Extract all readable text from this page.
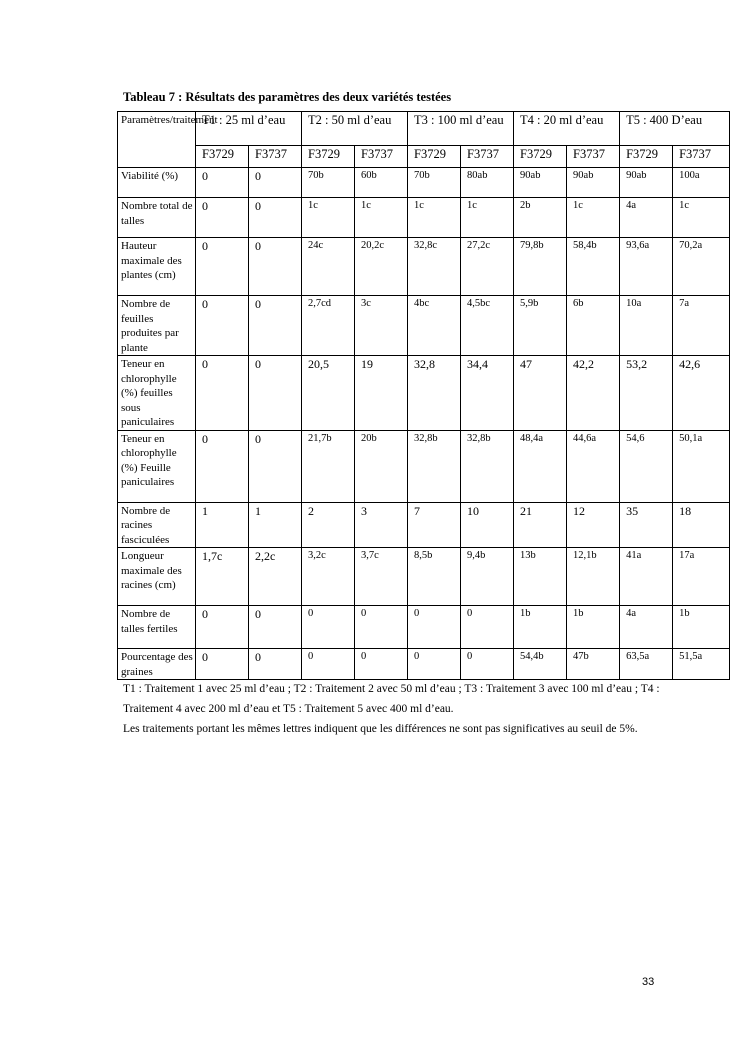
Tableau 7 : Résultats des paramètres des deux variétés testées
Paramètres/traitement	T1 : 25 ml d’eau		T2 : 50 ml d’eau		T3 : 100 ml d’eau		T4 : 20 ml d’eau		T5 : 400 D’eau	
	F3729	F3737	F3729	F3737	F3729	F3737	F3729	F3737	F3729	F3737
Viabilité (%)	0	0	70b	60b	70b	80ab	90ab	90ab	90ab	100a
Nombre total de talles	0	0	1c	1c	1c	1c	2b	1c	4a	1c
Hauteur maximale des plantes (cm)	0	0	24c	20,2c	32,8c	27,2c	79,8b	58,4b	93,6a	70,2a
Nombre de feuilles produites par plante	0	0	2,7cd	3c	4bc	4,5bc	5,9b	6b	10a	7a
Teneur en chlorophylle (%) feuilles sous paniculaires	0	0	20,5	19	32,8	34,4	47	42,2	53,2	42,6
Teneur en chlorophylle (%) Feuille paniculaires	0	0	21,7b	20b	32,8b	32,8b	48,4a	44,6a	54,6	50,1a
Nombre de racines fasciculées	1	1	2	3	7	10	21	12	35	18
Longueur maximale des racines (cm)	1,7c	2,2c	3,2c	3,7c	8,5b	9,4b	13b	12,1b	41a	17a
Nombre de talles fertiles	0	0	0	0	0	0	1b	1b	4a	1b
Pourcentage des graines	0	0	0	0	0	0	54,4b	47b	63,5a	51,5a

T1 : Traitement 1 avec 25 ml d’eau ; T2 : Traitement 2 avec 50 ml d’eau ; T3 : Traitement 3 avec 100 ml d’eau ; T4 : Traitement 4 avec 200 ml d’eau et T5 : Traitement 5 avec 400 ml d’eau.

Les traitements portant les mêmes lettres indiquent que les différences ne sont pas significatives au seuil de 5%.

33
